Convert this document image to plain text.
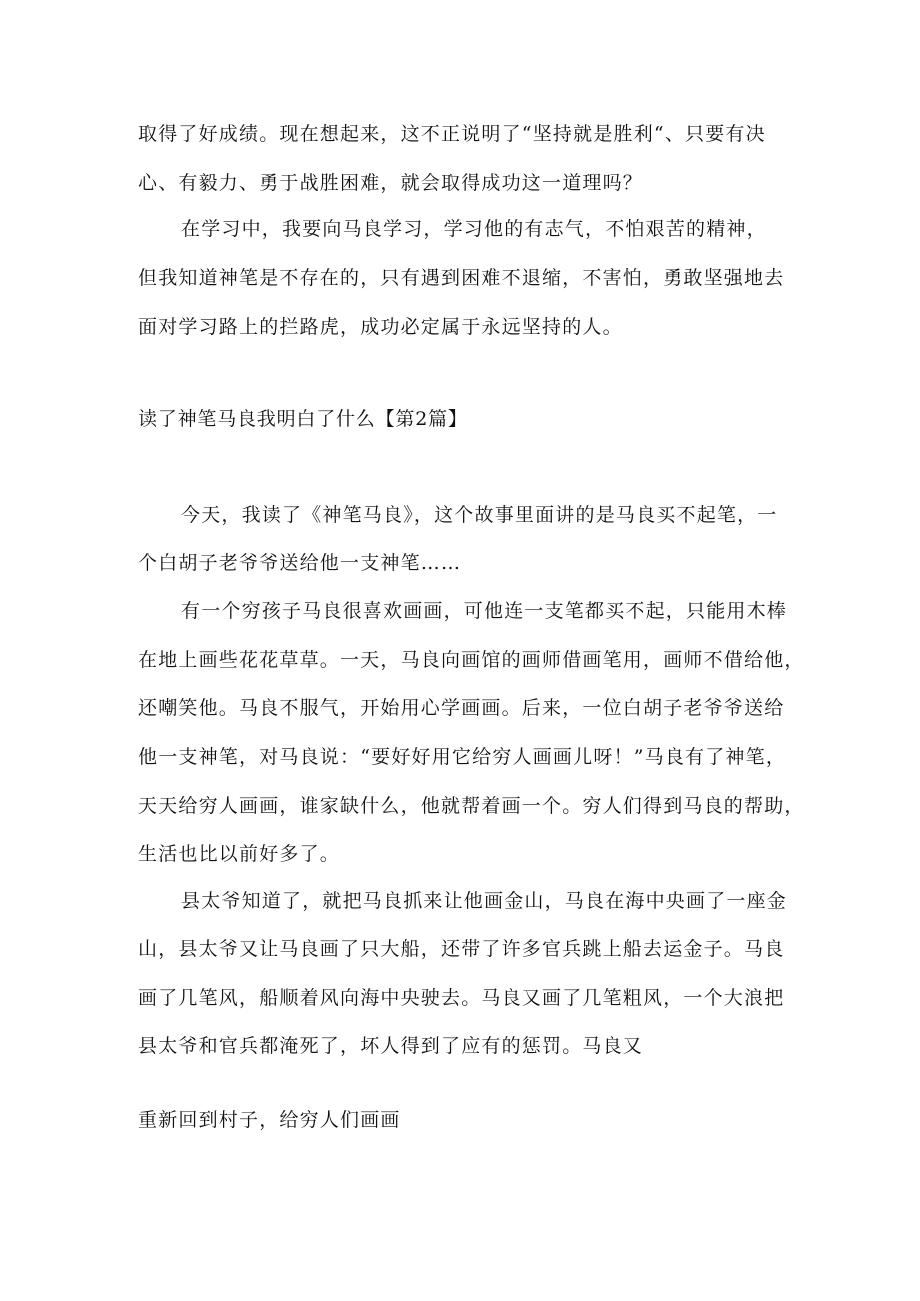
取得了好成绩。现在想起来，这不正说明了“坚持就是胜利“、只要有决
心、有毅力、勇于战胜困难，就会取得成功这一道理吗？
在学习中，我要向马良学习，学习他的有志气，不怕艰苦的精神，
但我知道神笔是不存在的，只有遇到困难不退缩，不害怕，勇敢坚强地去
面对学习路上的拦路虎，成功必定属于永远坚持的人。
读了神笔马良我明白了什么【第2篇】
今天，我读了《神笔马良》，这个故事里面讲的是马良买不起笔，一
个白胡子老爷爷送给他一支神笔……
有一个穷孩子马良很喜欢画画，可他连一支笔都买不起，只能用木棒
在地上画些花花草草。一天，马良向画馆的画师借画笔用，画师不借给他，
还嘲笑他。马良不服气，开始用心学画画。后来，一位白胡子老爷爷送给
他一支神笔，对马良说：“要好好用它给穷人画画儿呀！”马良有了神笔，
天天给穷人画画，谁家缺什么，他就帮着画一个。穷人们得到马良的帮助，
生活也比以前好多了。
县太爷知道了，就把马良抓来让他画金山，马良在海中央画了一座金
山，县太爷又让马良画了只大船，还带了许多官兵跳上船去运金子。马良
画了几笔风，船顺着风向海中央驶去。马良又画了几笔粗风，一个大浪把
县太爷和官兵都淹死了，坏人得到了应有的惩罚。马良又
重新回到村子，给穷人们画画
